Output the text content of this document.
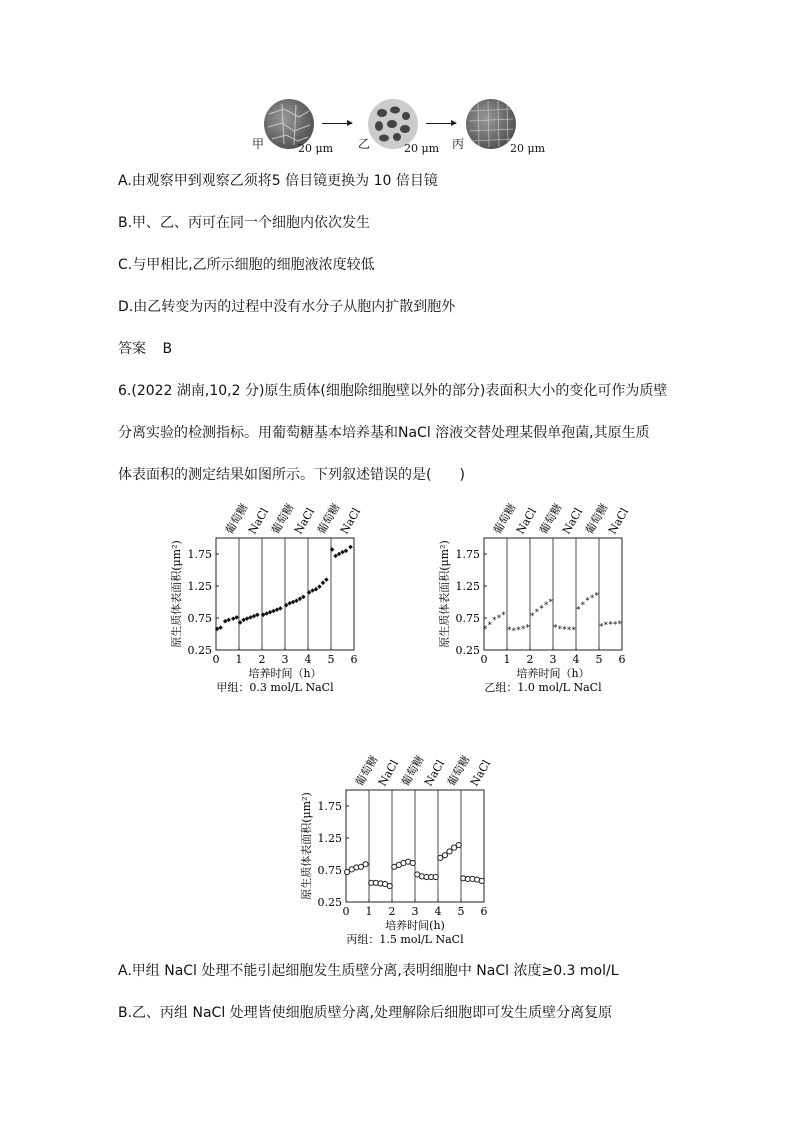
甲	20 μm 乙	20 μm 丙	20 μm
A.由观察甲到观察乙须将5 倍目镜更换为 10 倍目镜
B.甲、乙、丙可在同一个细胞内依次发生
C.与甲相比,乙所示细胞的细胞液浓度较低
D.由乙转变为丙的过程中没有水分子从胞内扩散到胞外
答案 B
6.(2022 湖南,10,2 分)原生质体(细胞除细胞壁以外的部分)表面积大小的变化可作为质壁
分离实验的检测指标。用葡萄糖基本培养基和NaCl 溶液交替处理某假单孢菌,其原生质
体表面积的测定结果如图所示。下列叙述错误的是(　　)
0.25
0.75
1.25
1.75
0 1 2 3 4 5 6
葡萄糖
NaCl
葡萄糖
NaCl
葡萄糖
NaCl
培养时间（h）
原生质体表面积(μm²)
甲组：0.3 mol/L NaCl
0.25
0.75
1.25
1.75
0 1 2 3 4 5 6
葡萄糖
NaCl
葡萄糖
NaCl
葡萄糖
NaCl
培养时间（h）
原生质体表面积(μm²)
乙组：1.0 mol/L NaCl
* *
* * *
* * * * *
* * * * *
* * * * *
* * * * *
* * * * *
0.25
0.75
1.25
1.75
0 1 2 3 4 5 6
葡萄糖
NaCl
葡萄糖
NaCl
葡萄糖
NaCl
培养时间(h)
原生质体表面积(μm²)
丙组：1.5 mol/L NaCl
A.甲组 NaCl 处理不能引起细胞发生质壁分离,表明细胞中 NaCl 浓度≥0.3 mol/L
B.乙、丙组 NaCl 处理皆使细胞质壁分离,处理解除后细胞即可发生质壁分离复原
